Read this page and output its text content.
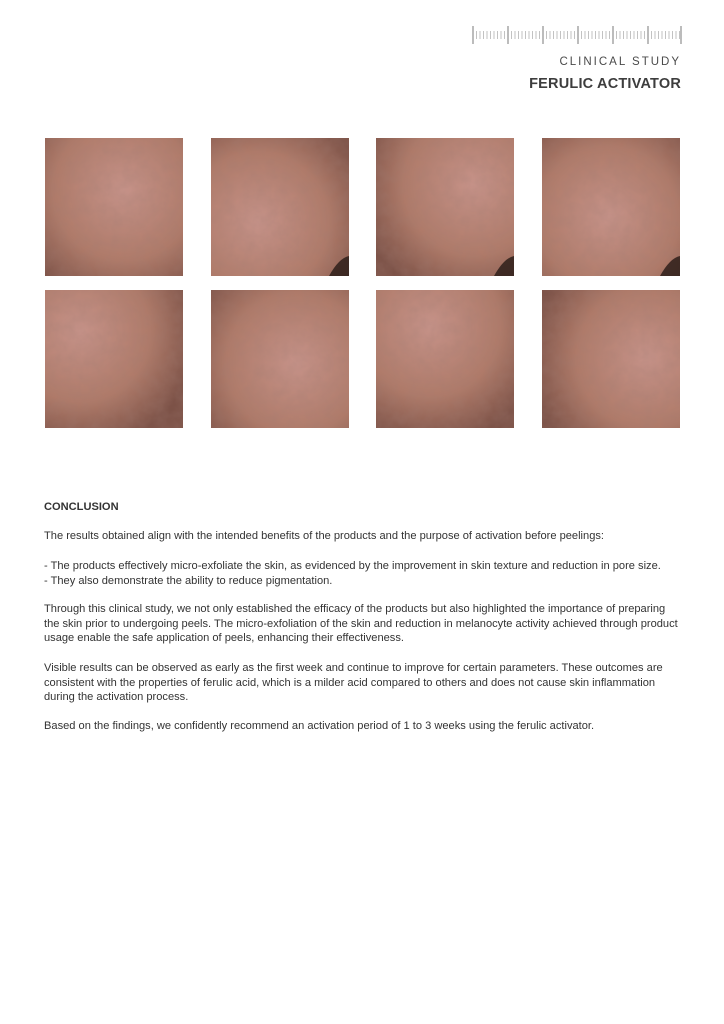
CLINICAL STUDY
FERULIC ACTIVATOR
CONCLUSION
The results obtained align with the intended benefits of the products and the purpose of activation before peelings:
- The products effectively micro-exfoliate the skin, as evidenced by the improvement in skin texture and reduction in pore size.
- They also demonstrate the ability to reduce pigmentation.
Through this clinical study, we not only established the efficacy of the products but also highlighted the importance of preparing the skin prior to undergoing peels. The micro-exfoliation of the skin and reduction in melanocyte activity achieved through product usage enable the safe application of peels, enhancing their effectiveness.
Visible results can be observed as early as the first week and continue to improve for certain parameters. These outcomes are consistent with the properties of ferulic acid, which is a milder acid compared to others and does not cause skin inflammation during the activation process.
Based on the findings, we confidently recommend an activation period of 1 to 3 weeks using the ferulic activator.
